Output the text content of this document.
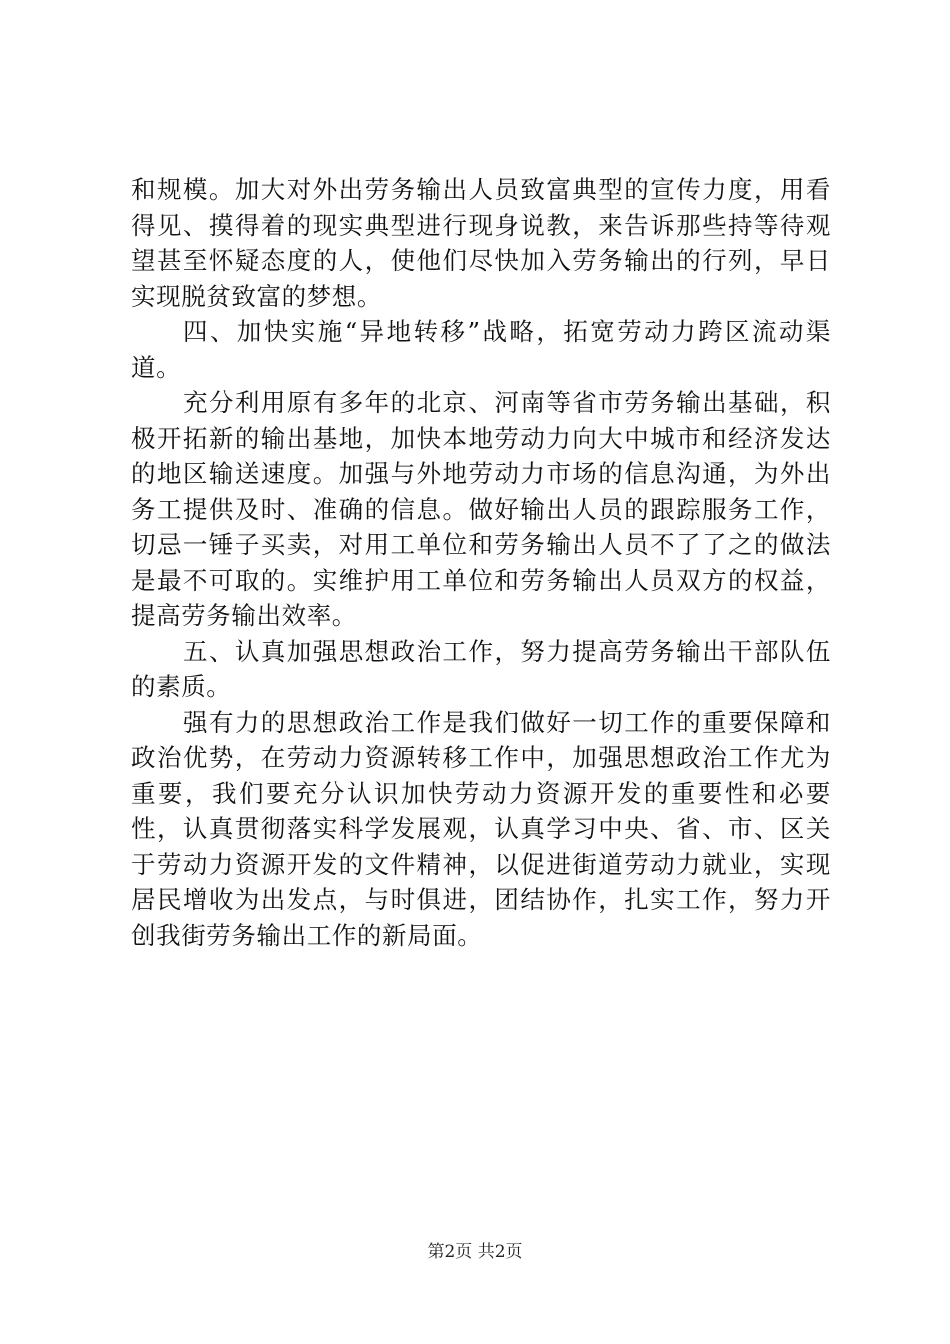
和规模。加大对外出劳务输出人员致富典型的宣传力度，用看得见、摸得着的现实典型进行现身说教，来告诉那些持等待观望甚至怀疑态度的人，使他们尽快加入劳务输出的行列，早日实现脱贫致富的梦想。

四、加快实施“异地转移”战略，拓宽劳动力跨区流动渠道。

充分利用原有多年的北京、河南等省市劳务输出基础，积极开拓新的输出基地，加快本地劳动力向大中城市和经济发达的地区输送速度。加强与外地劳动力市场的信息沟通，为外出务工提供及时、准确的信息。做好输出人员的跟踪服务工作，切忌一锤子买卖，对用工单位和劳务输出人员不了了之的做法是最不可取的。实维护用工单位和劳务输出人员双方的权益，提高劳务输出效率。

五、认真加强思想政治工作，努力提高劳务输出干部队伍的素质。

强有力的思想政治工作是我们做好一切工作的重要保障和政治优势，在劳动力资源转移工作中，加强思想政治工作尤为重要，我们要充分认识加快劳动力资源开发的重要性和必要性，认真贯彻落实科学发展观，认真学习中央、省、市、区关于劳动力资源开发的文件精神，以促进街道劳动力就业，实现居民增收为出发点，与时俱进，团结协作，扎实工作，努力开创我街劳务输出工作的新局面。

第2页 共2页
